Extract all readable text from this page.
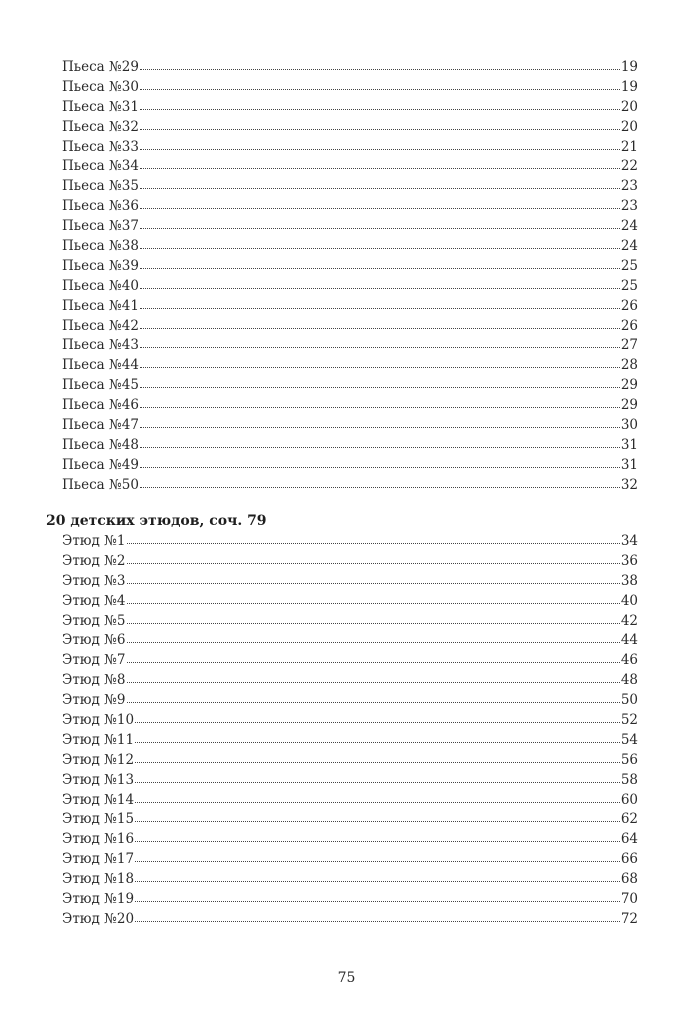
Пьеса №29	19
Пьеса №30	19
Пьеса №31	20
Пьеса №32	20
Пьеса №33	21
Пьеса №34	22
Пьеса №35	23
Пьеса №36	23
Пьеса №37	24
Пьеса №38	24
Пьеса №39	25
Пьеса №40	25
Пьеса №41	26
Пьеса №42	26
Пьеса №43	27
Пьеса №44	28
Пьеса №45	29
Пьеса №46	29
Пьеса №47	30
Пьеса №48	31
Пьеса №49	31
Пьеса №50	32
20 детских этюдов, соч. 79
Этюд №1	34
Этюд №2	36
Этюд №3	38
Этюд №4	40
Этюд №5	42
Этюд №6	44
Этюд №7	46
Этюд №8	48
Этюд №9	50
Этюд №10	52
Этюд №11	54
Этюд №12	56
Этюд №13	58
Этюд №14	60
Этюд №15	62
Этюд №16	64
Этюд №17	66
Этюд №18	68
Этюд №19	70
Этюд №20	72
75
